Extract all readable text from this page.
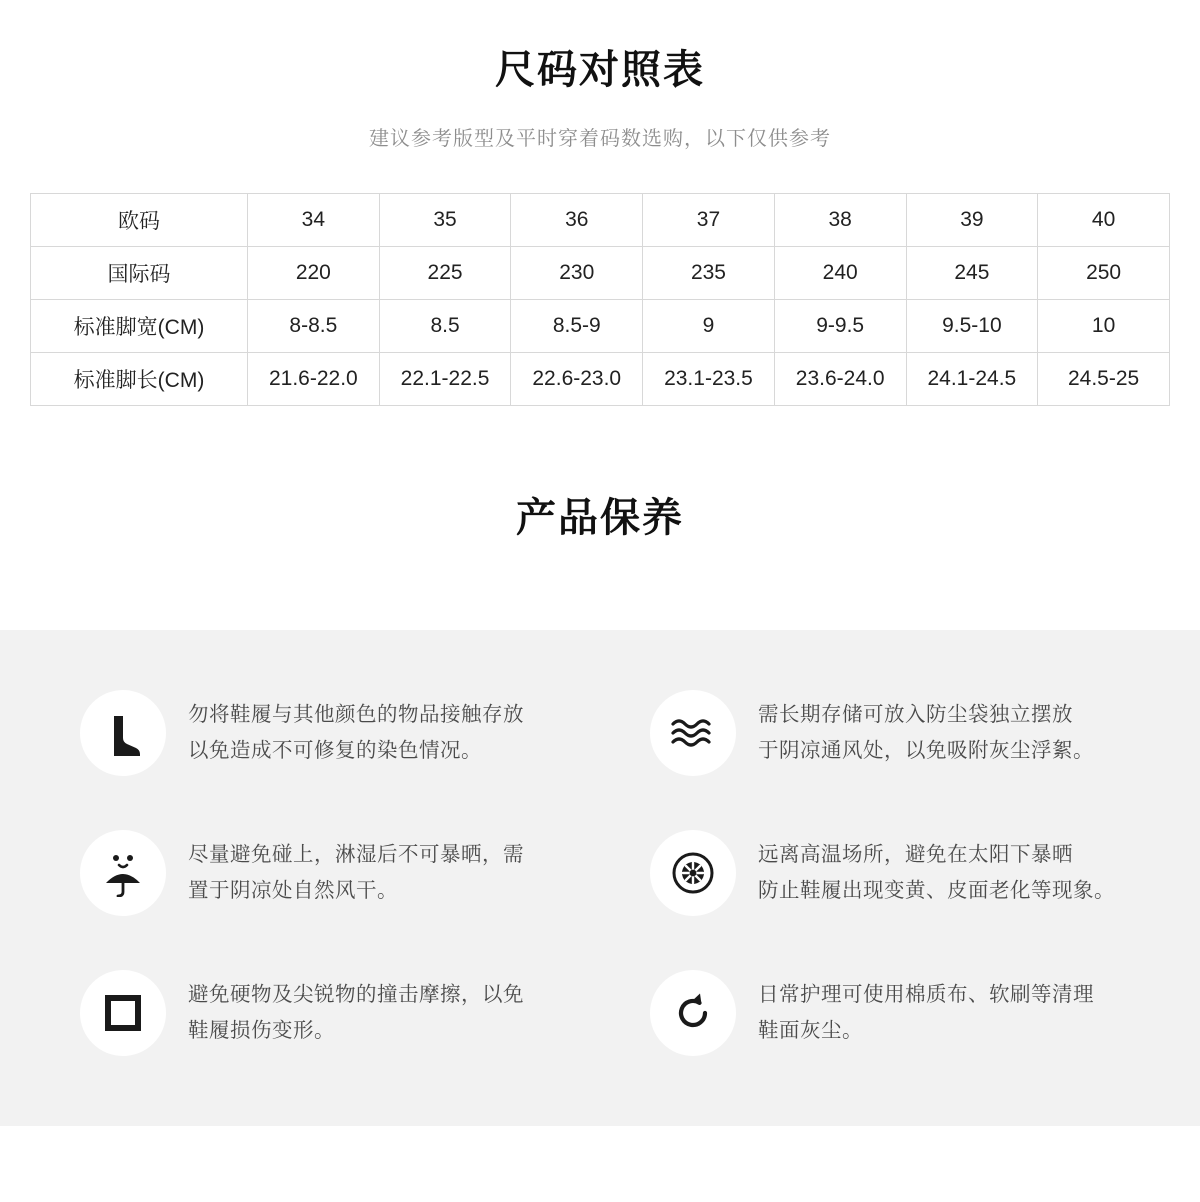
尺码对照表

建议参考版型及平时穿着码数选购，以下仅供参考

欧码	34	35	36	37	38	39	40
国际码	220	225	230	235	240	245	250
标准脚宽(CM)	8-8.5	8.5	8.5-9	9	9-9.5	9.5-10	10
标准脚长(CM)	21.6-22.0	22.1-22.5	22.6-23.0	23.1-23.5	23.6-24.0	24.1-24.5	24.5-25
产品保养
勿将鞋履与其他颜色的物品接触存放
以免造成不可修复的染色情况。
需长期存储可放入防尘袋独立摆放
于阴凉通风处，以免吸附灰尘浮絮。
尽量避免碰上，淋湿后不可暴晒，需
置于阴凉处自然风干。
远离高温场所，避免在太阳下暴晒
防止鞋履出现变黄、皮面老化等现象。
避免硬物及尖锐物的撞击摩擦，以免
鞋履损伤变形。
日常护理可使用棉质布、软刷等清理
鞋面灰尘。
